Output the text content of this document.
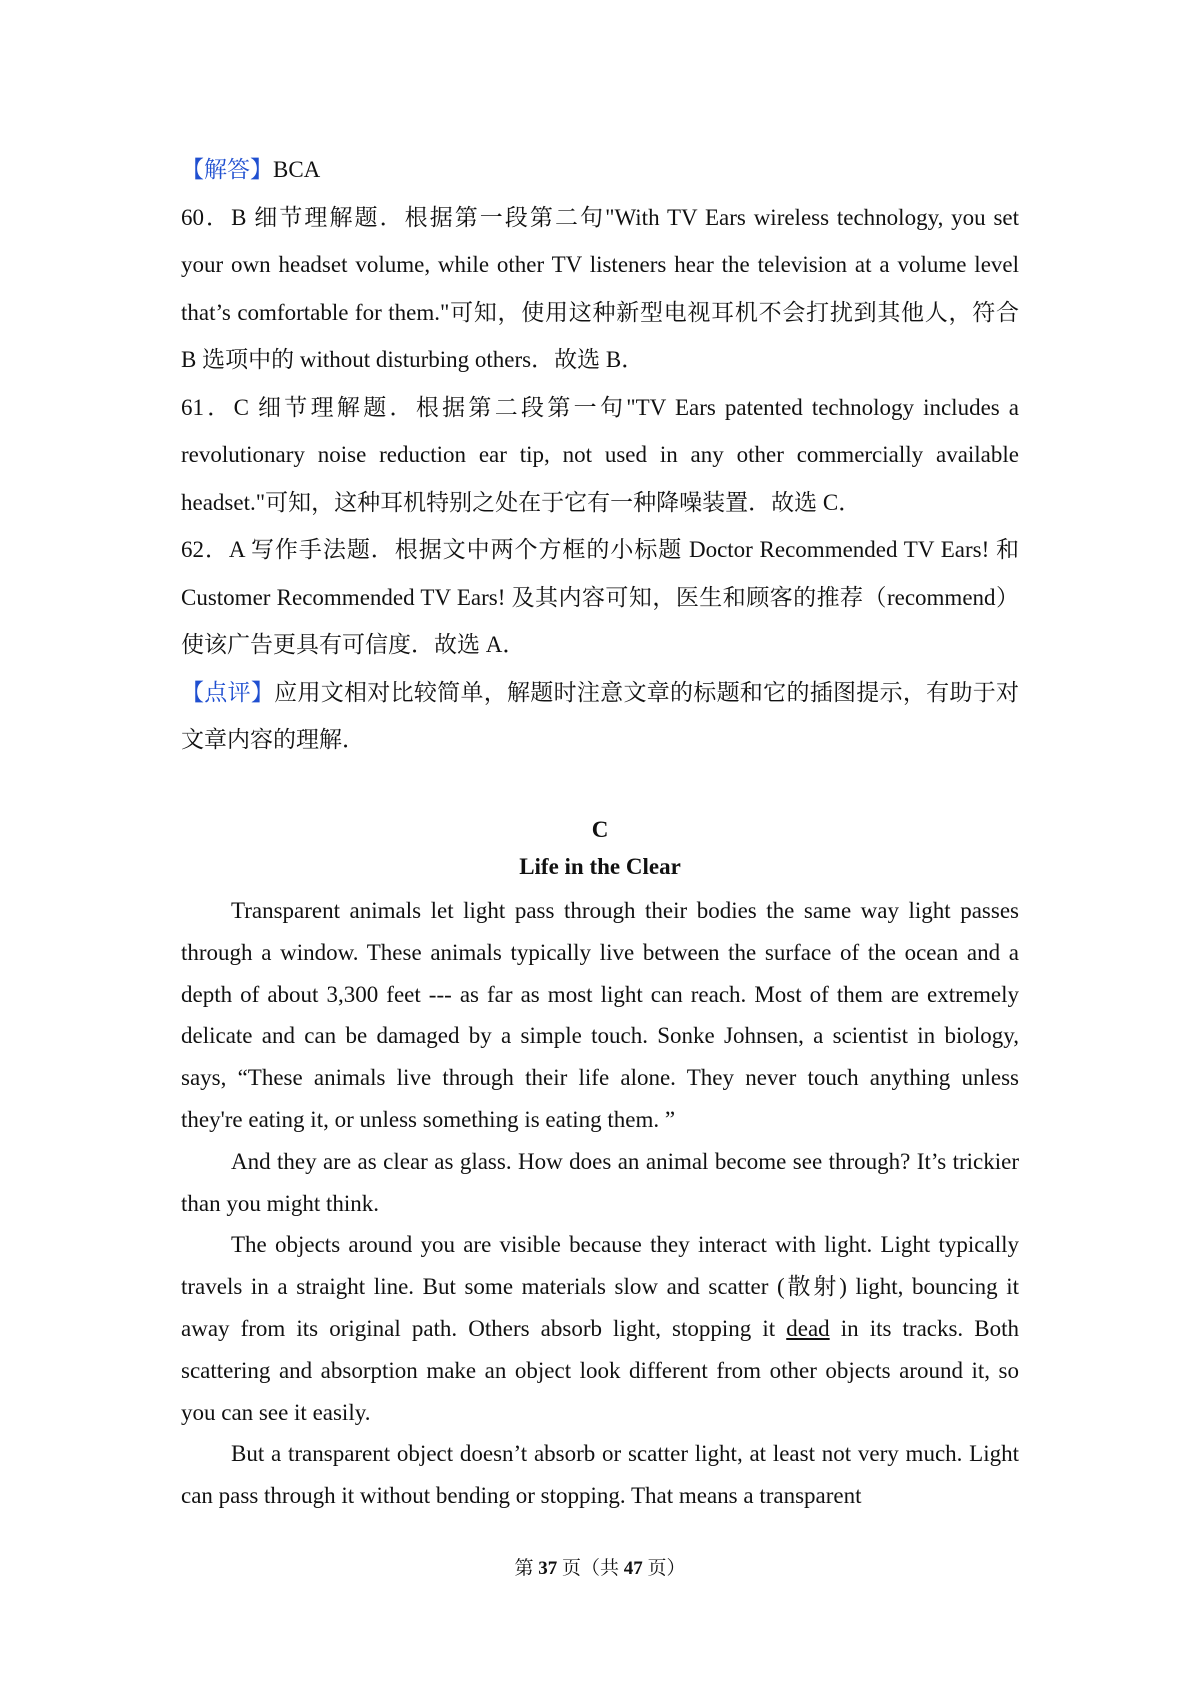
【解答】BCA

60．B 细节理解题．根据第一段第二句"With TV Ears wireless technology, you set your own headset volume, while other TV listeners hear the television at a volume level that’s comfortable for them."可知，使用这种新型电视耳机不会打扰到其他人，符合 B 选项中的 without disturbing others．故选 B．

61．C 细节理解题．根据第二段第一句"TV Ears patented technology includes a revolutionary noise reduction ear tip, not used in any other commercially available headset."可知，这种耳机特别之处在于它有一种降噪装置．故选 C．

62．A 写作手法题．根据文中两个方框的小标题 Doctor Recommended TV Ears! 和 Customer Recommended TV Ears! 及其内容可知，医生和顾客的推荐（recommend）使该广告更具有可信度．故选 A．

【点评】应用文相对比较简单，解题时注意文章的标题和它的插图提示，有助于对文章内容的理解．

C
Life in the Clear

Transparent animals let light pass through their bodies the same way light passes through a window. These animals typically live between the surface of the ocean and a depth of about 3,300 feet --- as far as most light can reach. Most of them are extremely delicate and can be damaged by a simple touch. Sonke Johnsen, a scientist in biology, says, “These animals live through their life alone. They never touch anything unless they're eating it, or unless something is eating them. ”

And they are as clear as glass. How does an animal become see through? It’s trickier than you might think.

The objects around you are visible because they interact with light. Light typically travels in a straight line. But some materials slow and scatter (散射) light, bouncing it away from its original path. Others absorb light, stopping it dead in its tracks. Both scattering and absorption make an object look different from other objects around it, so you can see it easily.

But a transparent object doesn’t absorb or scatter light, at least not very much. Light can pass through it without bending or stopping. That means a transparent

第 37 页（共 47 页）
